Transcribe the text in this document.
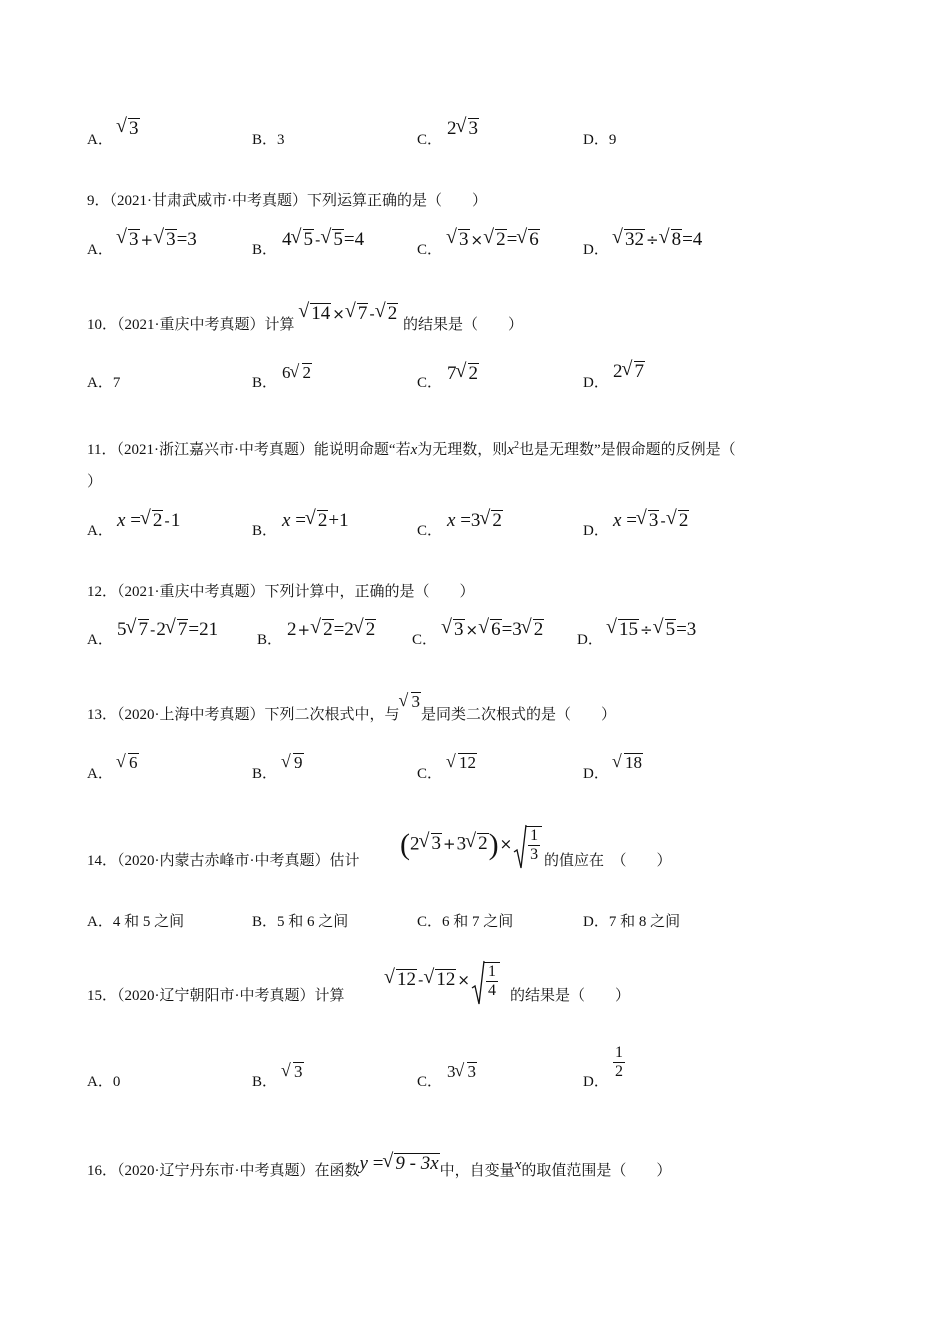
A．
√ 3
B．3	C．
2 √ 3
D．9
9．（2021·甘肃武威市·中考真题）下列运算正确的是（　　）
A． √ 3 + √ 3=3	B． 4 √ 5 - √ 5=4	C． √ 3 × √ 2= √ 6	D． √ 32 ÷ √ 8=4
10．（2021·重庆中考真题）计算 √ 14 × √ 7 - √ 2 的结果是（　　）
A．7	B．
6 √ 2
C． 7 √ 2	D．
2 √ 7
11．（2021·浙江嘉兴市·中考真题）能说明命题“若x为无理数，则$x^2$也是无理数”是假命题的反例是（
）
A． x = √ 2 -1	B． x = √ 2+1	C． x =3 √ 2	D． x = √ 3 - √ 2
12．（2021·重庆中考真题）下列计算中，正确的是（　　）
A． 5 √ 7 -2 √ 7=21	B． 2+ √ 2=2 √ 2 C． √ 3 × √ 6=3 √ 2 D． √ 15 ÷ √ 5=3
13．（2020·上海中考真题）下列二次根式中，与√ 3是同类二次根式的是（　　）
A．
√ 6
B．
√ 9
C．
√ 12
D．
√ 18
14．（2020·内蒙古赤峰市·中考真题）估计 (2 √ 3 +3 √ $2)\times \frac{1}{3}$ 的值应在　（　　）
A．4 和 5 之间	B．5 和 6 之间	C．6 和 7 之间	D．7 和 8 之间
15．（2020·辽宁朝阳市·中考真题）计算
√ 12 - √ $12 \times \frac{1}{4}$ 的结果是（　　）
A．0	B．
√ 3
C．
3 √ 3
D．
$\frac{1}{2}$
16．（2020·辽宁丹东市·中考真题）在函数y = √ 9 - 3x中，自变量x的取值范围是（　　）
